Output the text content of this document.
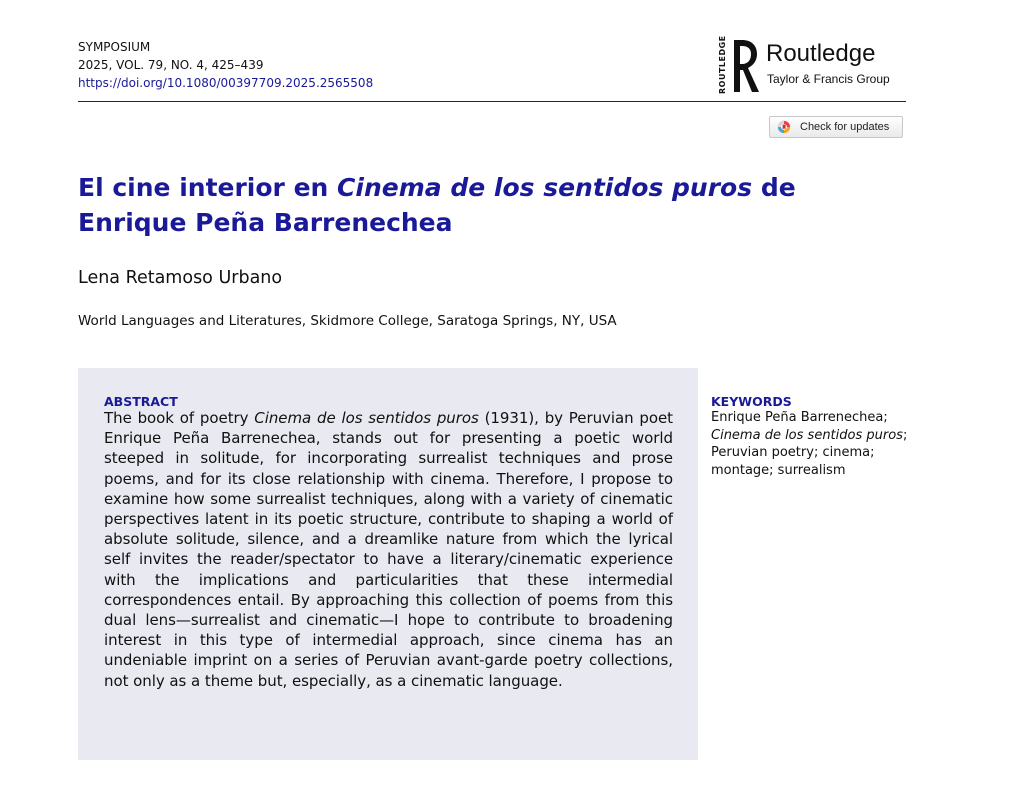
SYMPOSIUM
2025, VOL. 79, NO. 4, 425–439
https://doi.org/10.1080/00397709.2025.2565508	ROUTLEDGE Routledge
Taylor & Francis Group
Check for updates
El cine interior en Cinema de los sentidos puros de Enrique Peña Barrenechea
Lena Retamoso Urbano
World Languages and Literatures, Skidmore College, Saratoga Springs, NY, USA
ABSTRACT

The book of poetry Cinema de los sentidos puros (1931), by Peruvian poet Enrique Peña Barrenechea, stands out for presenting a poetic world steeped in solitude, for incorporating surrealist techniques and prose poems, and for its close relationship with cinema. Therefore, I propose to examine how some surrealist techniques, along with a variety of cinematic perspectives latent in its poetic structure, contribute to shaping a world of absolute solitude, silence, and a dreamlike nature from which the lyrical self invites the reader/spectator to have a literary/cinematic experience with the implications and particularities that these intermedial correspondences entail. By approaching this collection of poems from this dual lens—surrealist and cinematic—I hope to contribute to broadening interest in this type of intermedial approach, since cinema has an undeniable imprint on a series of Peruvian avant-garde poetry collections, not only as a theme but, especially, as a cinematic language.

KEYWORDS

Enrique Peña Barrenechea; Cinema de los sentidos puros; Peruvian poetry; cinema; montage; surrealism
